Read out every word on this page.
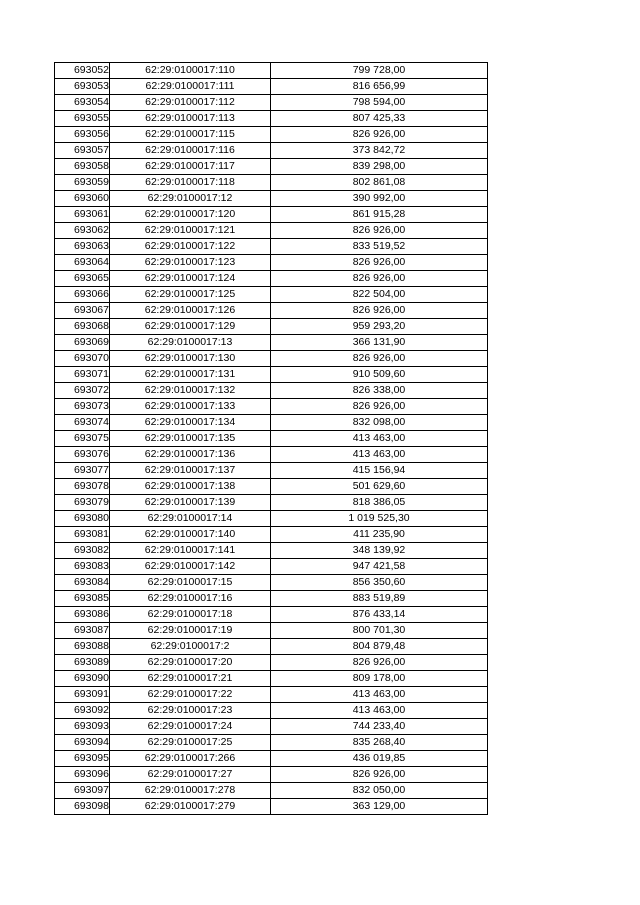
693052	62:29:0100017:110	799 728,00
693053	62:29:0100017:111	816 656,99
693054	62:29:0100017:112	798 594,00
693055	62:29:0100017:113	807 425,33
693056	62:29:0100017:115	826 926,00
693057	62:29:0100017:116	373 842,72
693058	62:29:0100017:117	839 298,00
693059	62:29:0100017:118	802 861,08
693060	62:29:0100017:12	390 992,00
693061	62:29:0100017:120	861 915,28
693062	62:29:0100017:121	826 926,00
693063	62:29:0100017:122	833 519,52
693064	62:29:0100017:123	826 926,00
693065	62:29:0100017:124	826 926,00
693066	62:29:0100017:125	822 504,00
693067	62:29:0100017:126	826 926,00
693068	62:29:0100017:129	959 293,20
693069	62:29:0100017:13	366 131,90
693070	62:29:0100017:130	826 926,00
693071	62:29:0100017:131	910 509,60
693072	62:29:0100017:132	826 338,00
693073	62:29:0100017:133	826 926,00
693074	62:29:0100017:134	832 098,00
693075	62:29:0100017:135	413 463,00
693076	62:29:0100017:136	413 463,00
693077	62:29:0100017:137	415 156,94
693078	62:29:0100017:138	501 629,60
693079	62:29:0100017:139	818 386,05
693080	62:29:0100017:14	1 019 525,30
693081	62:29:0100017:140	411 235,90
693082	62:29:0100017:141	348 139,92
693083	62:29:0100017:142	947 421,58
693084	62:29:0100017:15	856 350,60
693085	62:29:0100017:16	883 519,89
693086	62:29:0100017:18	876 433,14
693087	62:29:0100017:19	800 701,30
693088	62:29:0100017:2	804 879,48
693089	62:29:0100017:20	826 926,00
693090	62:29:0100017:21	809 178,00
693091	62:29:0100017:22	413 463,00
693092	62:29:0100017:23	413 463,00
693093	62:29:0100017:24	744 233,40
693094	62:29:0100017:25	835 268,40
693095	62:29:0100017:266	436 019,85
693096	62:29:0100017:27	826 926,00
693097	62:29:0100017:278	832 050,00
693098	62:29:0100017:279	363 129,00
